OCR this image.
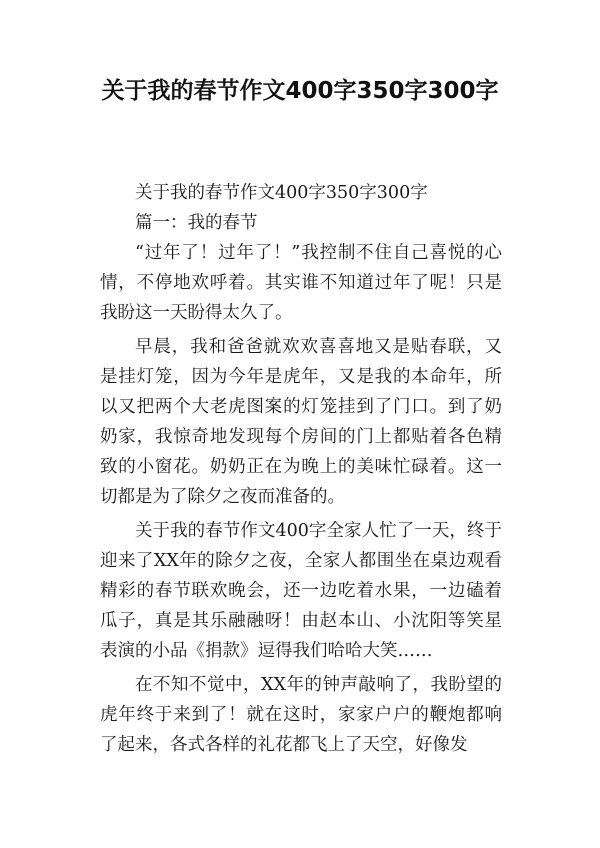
关于我的春节作文400字350字300字

关于我的春节作文400字350字300字

篇一：我的春节

“过年了！过年了！”我控制不住自己喜悦的心情，不停地欢呼着。其实谁不知道过年了呢！只是我盼这一天盼得太久了。

早晨，我和爸爸就欢欢喜喜地又是贴春联，又是挂灯笼，因为今年是虎年，又是我的本命年，所以又把两个大老虎图案的灯笼挂到了门口。到了奶奶家，我惊奇地发现每个房间的门上都贴着各色精致的小窗花。奶奶正在为晚上的美味忙碌着。这一切都是为了除夕之夜而准备的。

关于我的春节作文400字全家人忙了一天，终于迎来了XX年的除夕之夜，全家人都围坐在桌边观看精彩的春节联欢晚会，还一边吃着水果，一边磕着瓜子，真是其乐融融呀！由赵本山、小沈阳等笑星表演的小品《捐款》逗得我们哈哈大笑……

在不知不觉中，XX年的钟声敲响了，我盼望的虎年终于来到了！就在这时，家家户户的鞭炮都响了起来，各式各样的礼花都飞上了天空，好像发
